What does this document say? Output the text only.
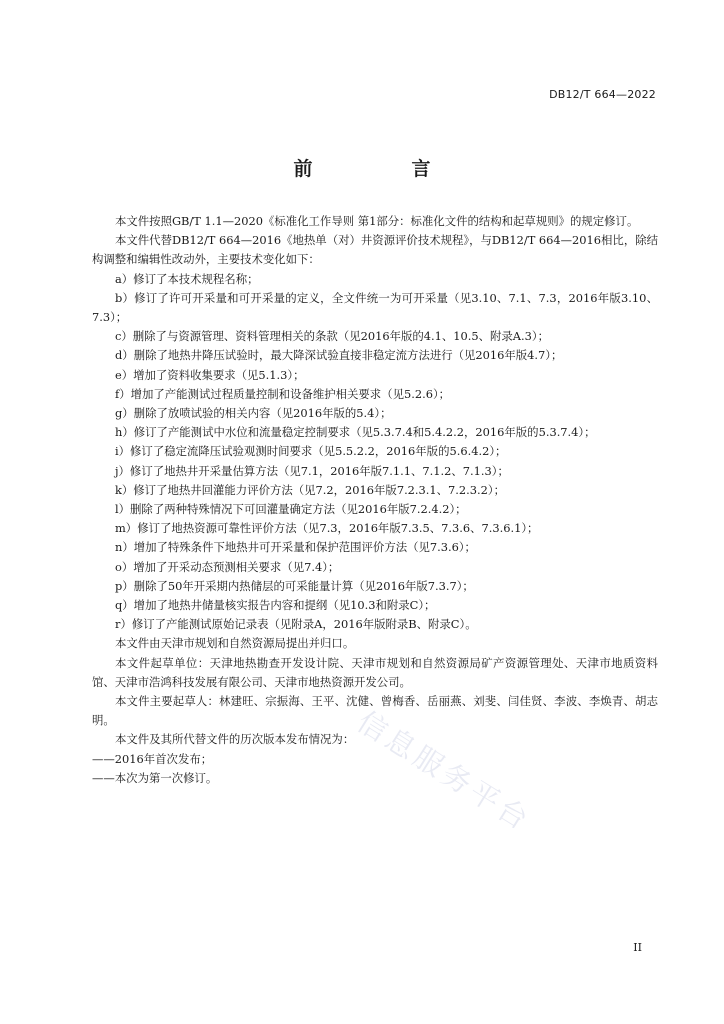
DB12/T 664—2022
前　言

本文件按照GB/T 1.1—2020《标准化工作导则 第1部分：标准化文件的结构和起草规则》的规定修订。

本文件代替DB12/T 664—2016《地热单（对）井资源评价技术规程》，与DB12/T 664—2016相比，除结构调整和编辑性改动外，主要技术变化如下：

a）修订了本技术规程名称；

b）修订了许可开采量和可开采量的定义，全文件统一为可开采量（见3.10、7.1、7.3，2016年版3.10、7.3）；

c）删除了与资源管理、资料管理相关的条款（见2016年版的4.1、10.5、附录A.3）；

d）删除了地热井降压试验时，最大降深试验直接非稳定流方法进行（见2016年版4.7）；

e）增加了资料收集要求（见5.1.3）；

f）增加了产能测试过程质量控制和设备维护相关要求（见5.2.6）；

g）删除了放喷试验的相关内容（见2016年版的5.4）；

h）修订了产能测试中水位和流量稳定控制要求（见5.3.7.4和5.4.2.2，2016年版的5.3.7.4）；

i）修订了稳定流降压试验观测时间要求（见5.5.2.2，2016年版的5.6.4.2）；

j）修订了地热井开采量估算方法（见7.1，2016年版7.1.1、7.1.2、7.1.3）；

k）修订了地热井回灌能力评价方法（见7.2，2016年版7.2.3.1、7.2.3.2）；

l）删除了两种特殊情况下可回灌量确定方法（见2016年版7.2.4.2）；

m）修订了地热资源可靠性评价方法（见7.3，2016年版7.3.5、7.3.6、7.3.6.1）；

n）增加了特殊条件下地热井可开采量和保护范围评价方法（见7.3.6）；

o）增加了开采动态预测相关要求（见7.4）；

p）删除了50年开采期内热储层的可采能量计算（见2016年版7.3.7）；

q）增加了地热井储量核实报告内容和提纲（见10.3和附录C）；

r）修订了产能测试原始记录表（见附录A，2016年版附录B、附录C）。

本文件由天津市规划和自然资源局提出并归口。

本文件起草单位：天津地热勘查开发设计院、天津市规划和自然资源局矿产资源管理处、天津市地质资料馆、天津市浩鸿科技发展有限公司、天津市地热资源开发公司。

本文件主要起草人：林建旺、宗振海、王平、沈健、曾梅香、岳丽燕、刘斐、闫佳贤、李波、李焕青、胡志明。

本文件及其所代替文件的历次版本发布情况为：

——2016年首次发布；

——本次为第一次修订。	信息服务平台
II
